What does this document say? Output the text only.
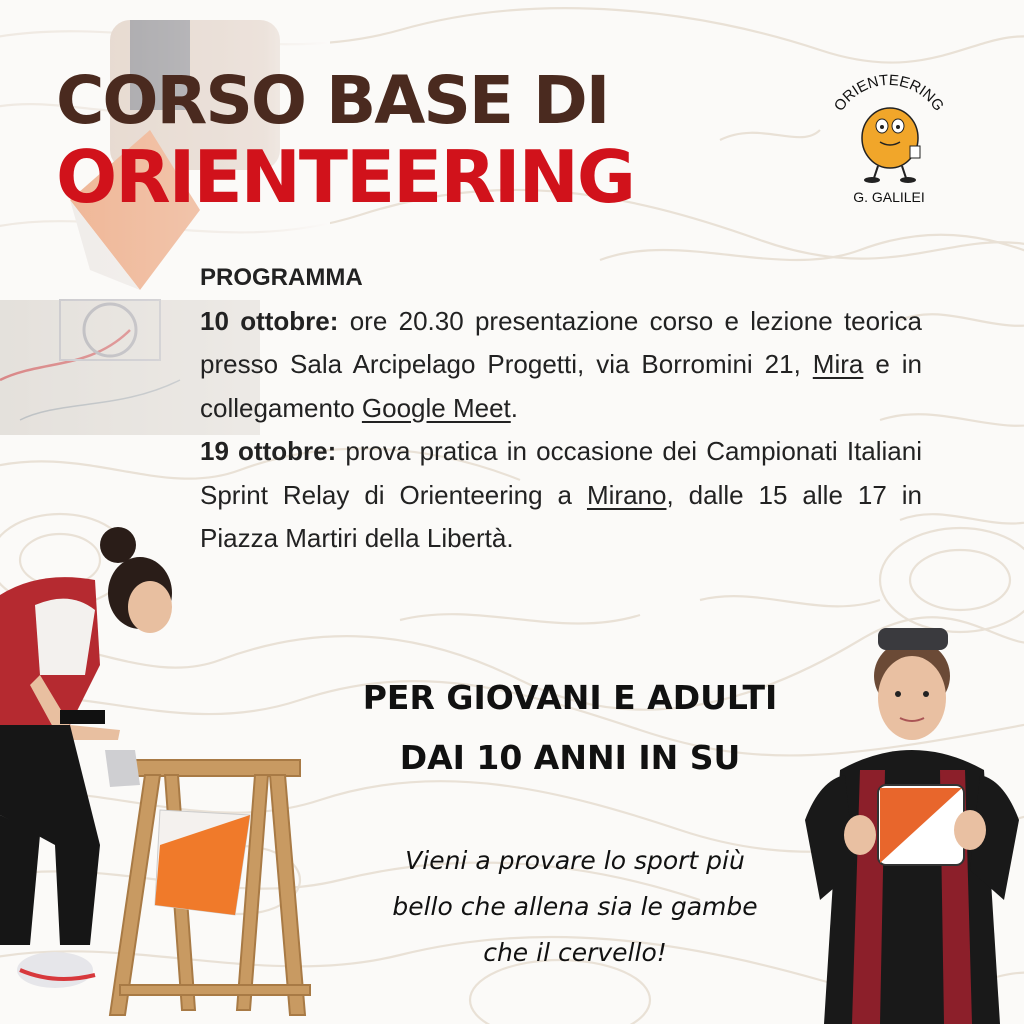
CORSO BASE DI
ORIENTEERING
ORIENTEERING
G. GALILEI
PROGRAMMA

10 ottobre: ore 20.30 presentazione corso e lezione teorica presso Sala Arcipelago Progetti, via Borromini 21, Mira e in collegamento Google Meet.

19 ottobre: prova pratica in occasione dei Campionati Italiani Sprint Relay di Orienteering a Mirano, dalle 15 alle 17 in Piazza Martiri della Libertà.

PER GIOVANI E ADULTI
DAI 10 ANNI IN SU
Vieni a provare lo sport più
bello che allena sia le gambe
che il cervello!
